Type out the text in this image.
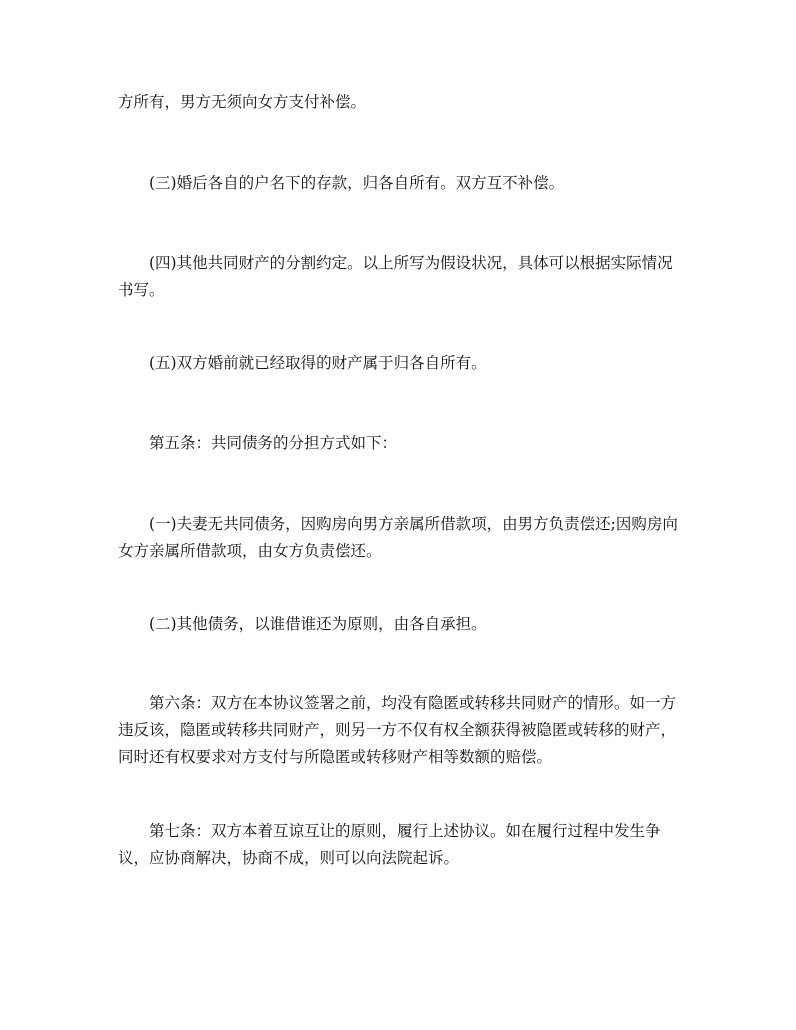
方所有，男方无须向女方支付补偿。

(三)婚后各自的户名下的存款，归各自所有。双方互不补偿。

(四)其他共同财产的分割约定。以上所写为假设状况，具体可以根据实际情况书写。

(五)双方婚前就已经取得的财产属于归各自所有。

第五条：共同债务的分担方式如下：

(一)夫妻无共同债务，因购房向男方亲属所借款项，由男方负责偿还;因购房向女方亲属所借款项，由女方负责偿还。

(二)其他债务，以谁借谁还为原则，由各自承担。

第六条：双方在本协议签署之前，均没有隐匿或转移共同财产的情形。如一方违反该，隐匿或转移共同财产，则另一方不仅有权全额获得被隐匿或转移的财产，同时还有权要求对方支付与所隐匿或转移财产相等数额的赔偿。

第七条：双方本着互谅互让的原则，履行上述协议。如在履行过程中发生争议，应协商解决，协商不成，则可以向法院起诉。
